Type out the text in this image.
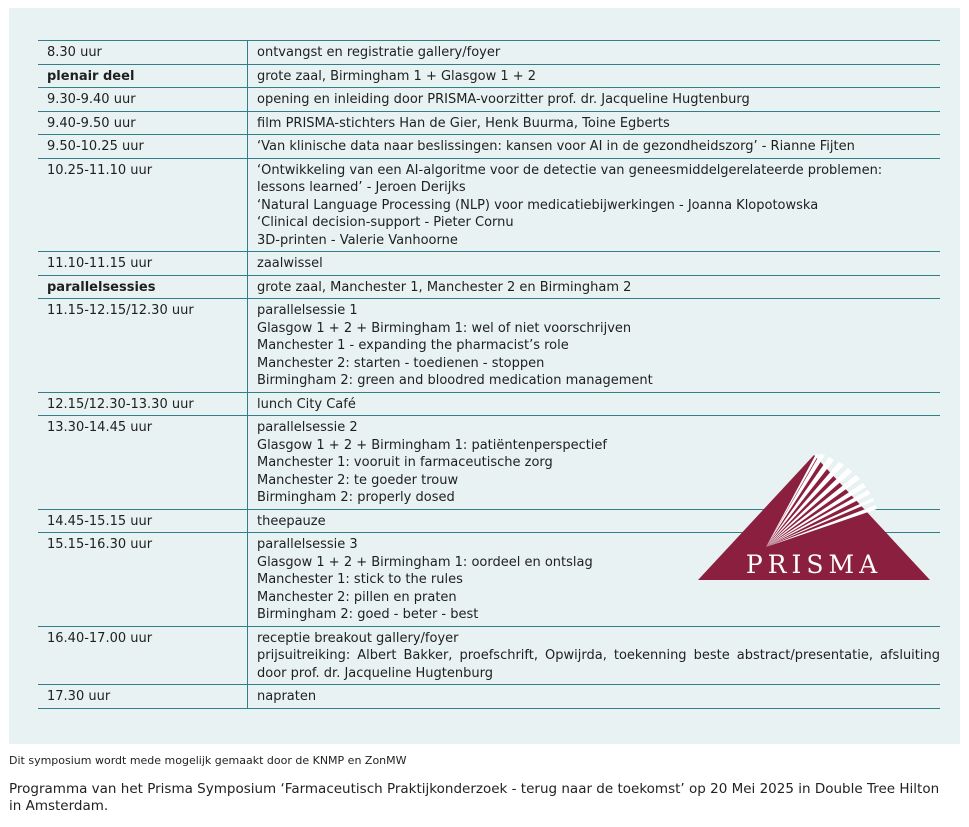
8.30 uur	ontvangst en registratie gallery/foyer

plenair deel	grote zaal, Birmingham 1 + Glasgow 1 + 2

9.30-9.40 uur	opening en inleiding door PRISMA-voorzitter prof. dr. Jacqueline Hugtenburg

9.40-9.50 uur	film PRISMA-stichters Han de Gier, Henk Buurma, Toine Egberts

9.50-10.25 uur	‘Van klinische data naar beslissingen: kansen voor AI in de gezondheidszorg’ - Rianne Fijten

10.25-11.10 uur	‘Ontwikkeling van een AI-algoritme voor de detectie van geneesmiddelgerelateerde problemen:
lessons learned’ - Jeroen Derijks
‘Natural Language Processing (NLP) voor medicatiebijwerkingen - Joanna Klopotowska
‘Clinical decision-support - Pieter Cornu
3D-printen - Valerie Vanhoorne

11.10-11.15 uur	zaalwissel

parallelsessies	grote zaal, Manchester 1, Manchester 2 en Birmingham 2

11.15-12.15/12.30 uur	parallelsessie 1
Glasgow 1 + 2 + Birmingham 1: wel of niet voorschrijven
Manchester 1 - expanding the pharmacist’s role
Manchester 2: starten - toedienen - stoppen
Birmingham 2: green and bloodred medication management

12.15/12.30-13.30 uur	lunch City Café

13.30-14.45 uur	parallelsessie 2
Glasgow 1 + 2 + Birmingham 1: patiëntenperspectief
Manchester 1: vooruit in farmaceutische zorg
Manchester 2: te goeder trouw
Birmingham 2: properly dosed

14.45-15.15 uur	theepauze

15.15-16.30 uur	parallelsessie 3
Glasgow 1 + 2 + Birmingham 1: oordeel en ontslag
Manchester 1: stick to the rules
Manchester 2: pillen en praten
Birmingham 2: goed - beter - best

16.40-17.00 uur	receptie breakout gallery/foyer
prijsuitreiking: Albert Bakker, proefschrift, Opwijrda, toekenning beste abstract/presentatie, afsluiting door prof. dr. Jacqueline Hugtenburg

17.30 uur	napraten
PRISMA
Dit symposium wordt mede mogelijk gemaakt door de KNMP en ZonMW
Programma van het Prisma Symposium ‘Farmaceutisch Praktijkonderzoek - terug naar de toekomst’ op 20 Mei 2025 in Double Tree Hilton in Amsterdam.
